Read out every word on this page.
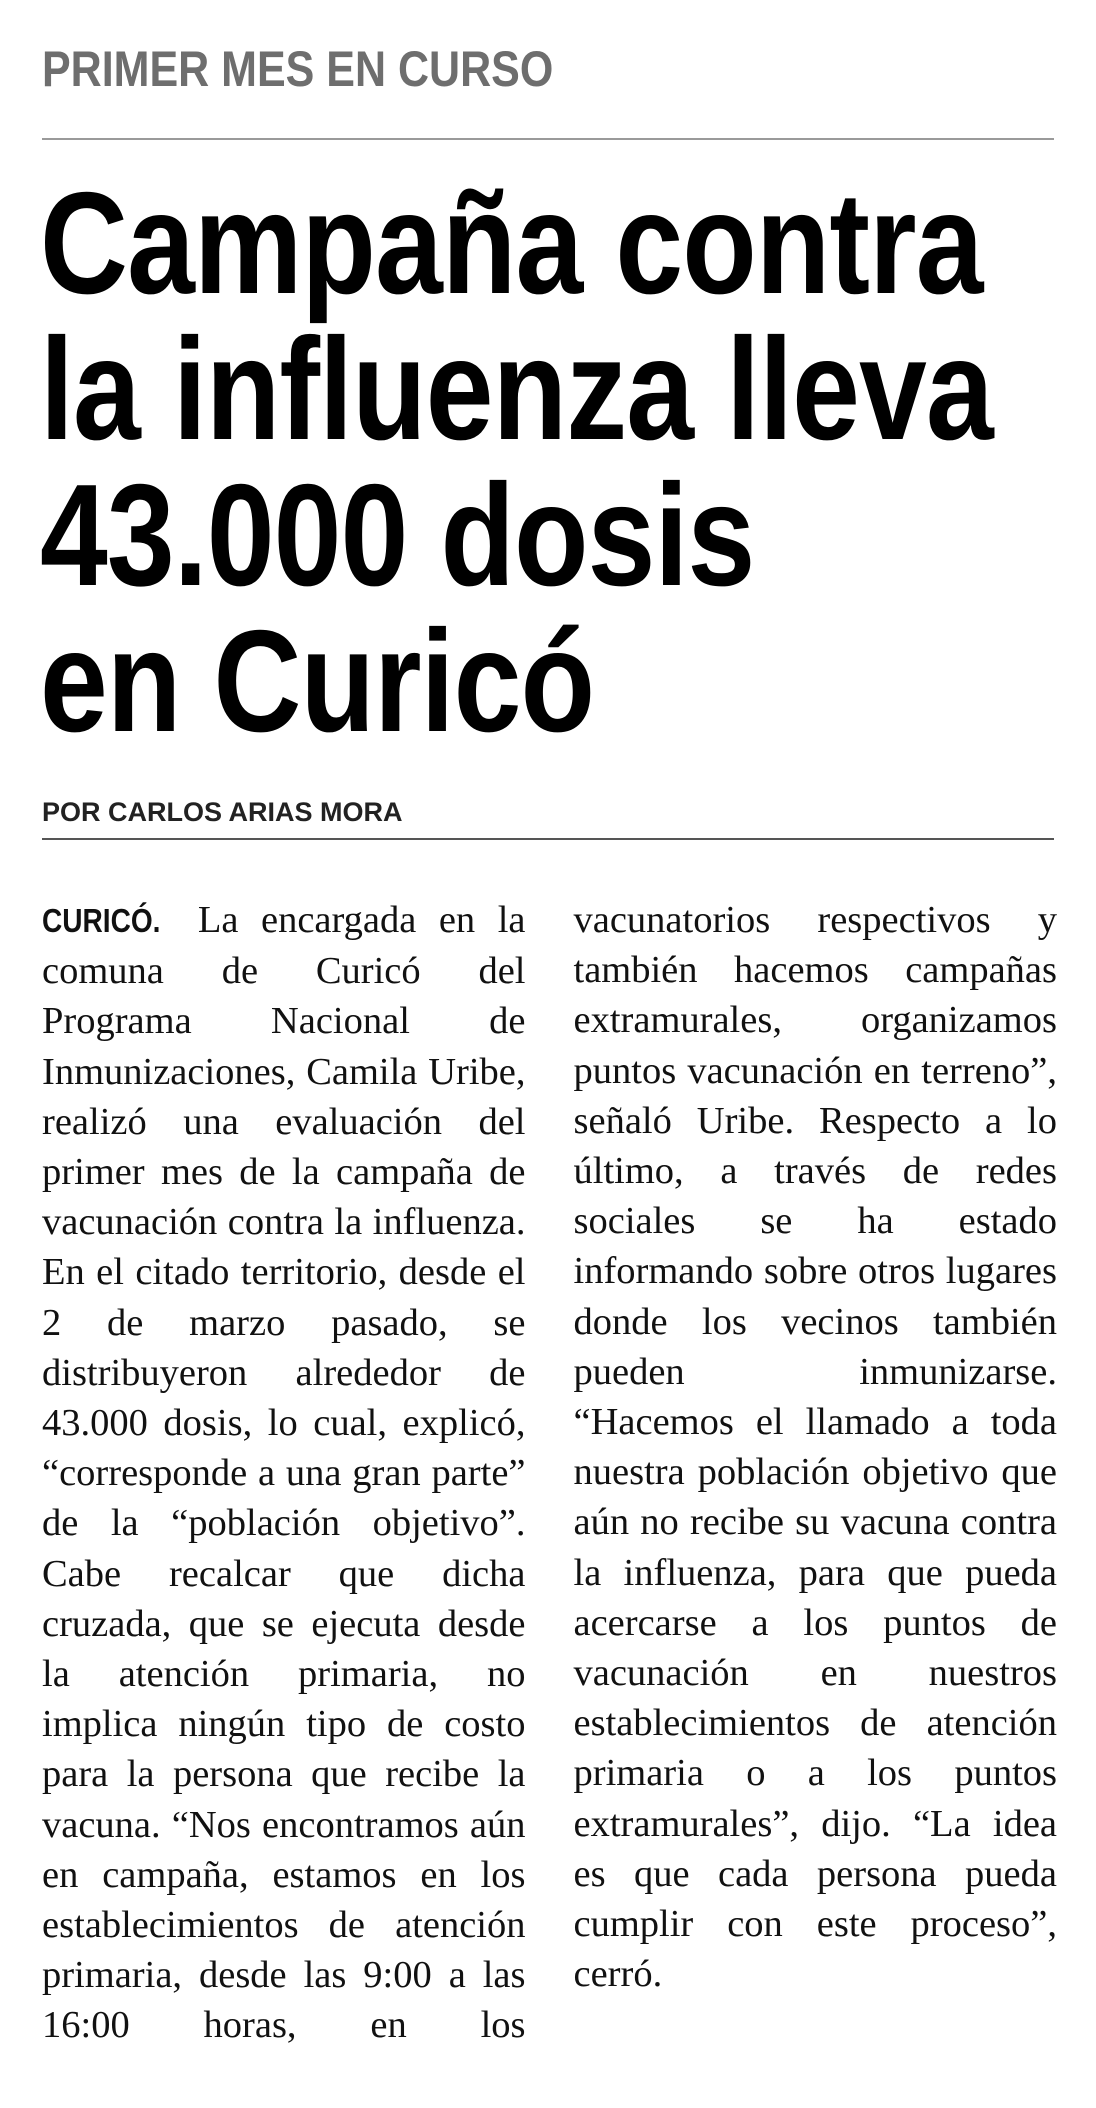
PRIMER MES EN CURSO
Campaña contra
la influenza lleva
43.000 dosis
en Curicó
POR CARLOS ARIAS MORA

CURICÓ. La encargada en la comuna de Curicó del Programa Nacional de Inmunizaciones, Camila Uribe, realizó una evaluación del primer mes de la campaña de vacunación contra la influenza. En el citado territorio, desde el 2 de marzo pasado, se distribuyeron alrededor de 43.000 dosis, lo cual, explicó, “corresponde a una gran parte” de la “población objetivo”. Cabe recalcar que dicha cruzada, que se ejecuta desde la atención primaria, no implica ningún tipo de costo para la persona que recibe la vacuna. “Nos encontramos aún en campaña, estamos en los establecimientos de atención primaria, desde las 9:00 a las 16:00 horas, en los vacunatorios respectivos y también hacemos campañas extramurales, organizamos puntos vacunación en terreno”, señaló Uribe. Respecto a lo último, a través de redes sociales se ha estado informando sobre otros lugares donde los vecinos también pueden inmunizarse. “Hacemos el llamado a toda nuestra población objetivo que aún no recibe su vacuna contra la influenza, para que pueda acercarse a los puntos de vacunación en nuestros establecimientos de atención primaria o a los puntos extramurales”, dijo. “La idea es que cada persona pueda cumplir con este proceso”, cerró.
